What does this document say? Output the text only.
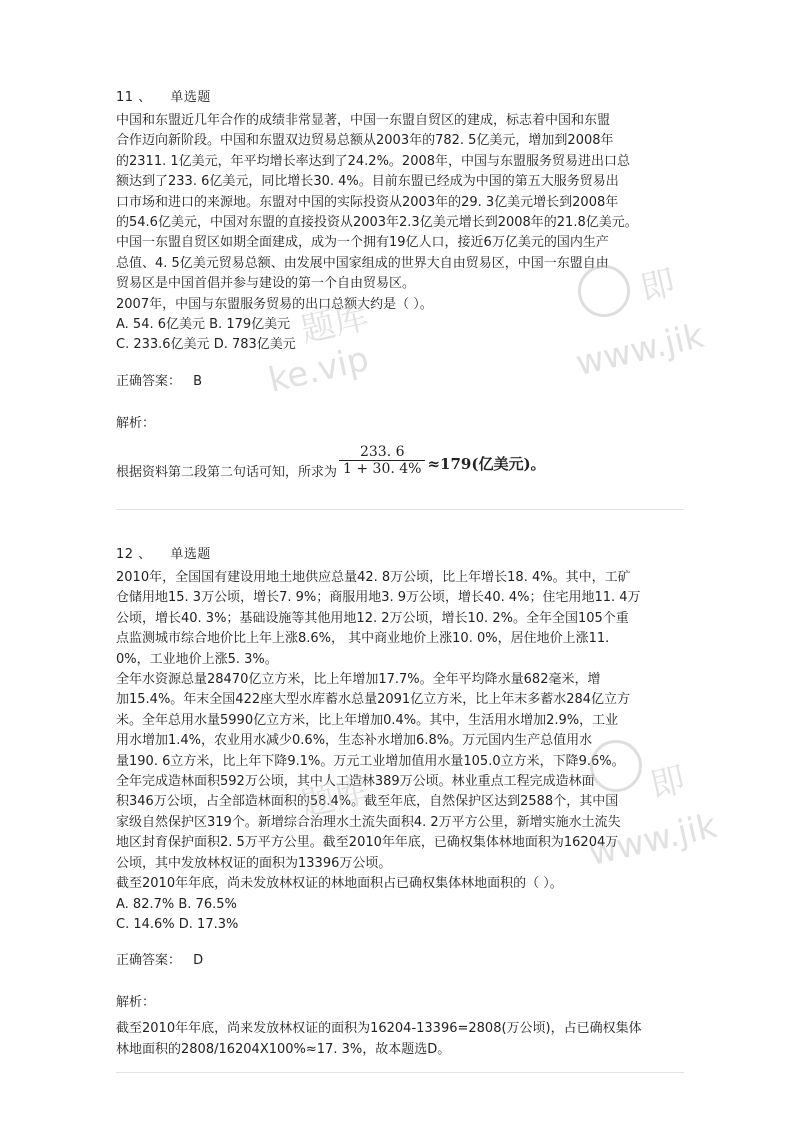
11 、 单选题
中国和东盟近几年合作的成绩非常显著，中国一东盟自贸区的建成，标志着中国和东盟
合作迈向新阶段。中国和东盟双边贸易总额从2003年的782. 5亿美元，增加到2008年
的2311. 1亿美元，年平均增长率达到了24.2%。2008年，中国与东盟服务贸易进出口总
额达到了233. 6亿美元，同比增长30. 4%。目前东盟已经成为中国的第五大服务贸易出
口市场和进口的来源地。东盟对中国的实际投资从2003年的29. 3亿美元增长到2008年
的54.6亿美元，中国对东盟的直接投资从2003年2.3亿美元增长到2008年的21.8亿美元。
中国一东盟自贸区如期全面建成，成为一个拥有19亿人口，接近6万亿美元的国内生产
总值、4. 5亿美元贸易总额、由发展中国家组成的世界大自由贸易区，中国一东盟自由
贸易区是中国首倡并参与建设的第一个自由贸易区。
2007年，中国与东盟服务贸易的出口总额大约是（ ）。
A. 54. 6亿美元 B. 179亿美元
C. 233.6亿美元 D. 783亿美元
正确答案： B
解析：
根据资料第二段第二句话可知，所求为 $\frac{233. 6}{1 + 30. 4\%} \approx 179$(亿美元)。
12 、 单选题
2010年，全国国有建设用地土地供应总量42. 8万公顷，比上年增长18. 4%。其中，工矿
仓储用地15. 3万公顷，增长7. 9%；商服用地3. 9万公顷，增长40. 4%；住宅用地11. 4万
公顷，增长40. 3%；基础设施等其他用地12. 2万公顷，增长10. 2%。全年全国105个重
点监测城市综合地价比上年上涨8.6%， 其中商业地价上涨10. 0%，居住地价上涨11.
0%，工业地价上涨5. 3%。
全年水资源总量28470亿立方米，比上年增加17.7%。全年平均降水量682毫米，增
加15.4%。年末全国422座大型水库蓄水总量2091亿立方米，比上年末多蓄水284亿立方
米。全年总用水量5990亿立方米，比上年增加0.4%。其中，生活用水增加2.9%，工业
用水增加1.4%，农业用水减少0.6%，生态补水增加6.8%。万元国内生产总值用水
量190. 6立方米，比上年下降9.1%。万元工业增加值用水量105.0立方米，下降9.6%。
全年完成造林面积592万公顷，其中人工造林389万公顷。林业重点工程完成造林面
积346万公顷，占全部造林面积的58.4%。截至年底，自然保护区达到2588个，其中国
家级自然保护区319个。新增综合治理水土流失面积4. 2万平方公里，新增实施水土流失
地区封育保护面积2. 5万平方公里。截至2010年年底，已确权集体林地面积为16204万
公顷，其中发放林权证的面积为13396万公顷。
截至2010年年底，尚未发放林权证的林地面积占已确权集体林地面积的（ ）。
A. 82.7% B. 76.5%
C. 14.6% D. 17.3%
正确答案： D
解析：
截至2010年年底，尚来发放林权证的面积为16204-13396=2808(万公顷)，占已确权集体
林地面积的2808/16204X100%≈17. 3%，故本题选D。
即
www.jik
题库
ke.vip
即
www.jik
题库
